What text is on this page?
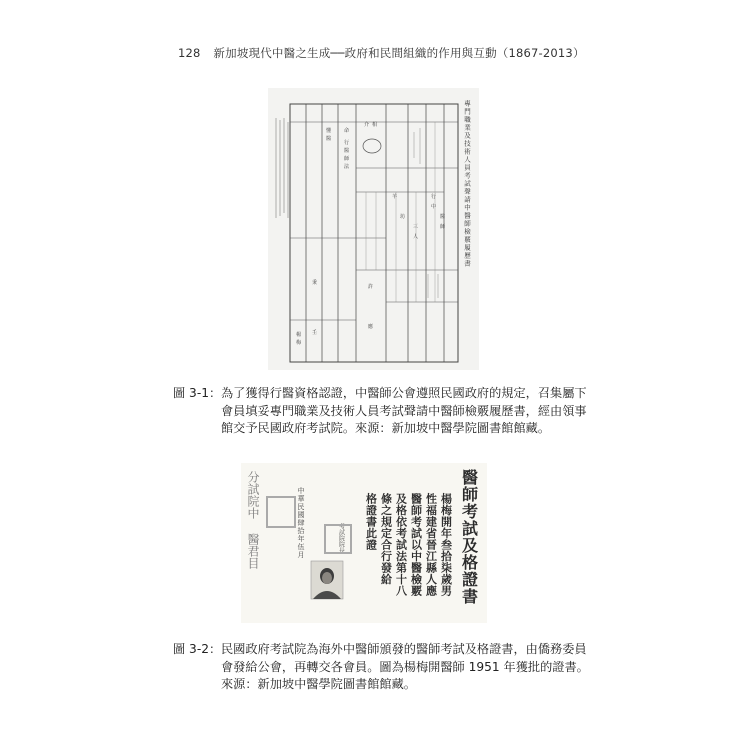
128 新加坡現代中醫之生成──政府和民間組織的作用與互動（1867-2013）
專門職業及技術人員考試聲請中醫師檢覈履歷書
懂
醫
命
行
醫
師
法
介 相
羊
坊
三
人
行
中
醫
師
許
應
秉
壬
楊
梅
圖 3-1： 為了獲得行醫資格認證，中醫師公會遵照民國政府的規定，召集屬下會員填妥專門職業及技術人員考試聲請中醫師檢覈履歷書，經由領事館交予民國政府考試院。來源：新加坡中醫學院圖書館館藏。
醫師考試及格證書
楊梅開年叁拾柒歲男
性福建省晉江縣人應
醫師考試以中醫檢覈
及格依考試法第十八
條之規定合行發給
格證書此證
中華民國肆拾年伍月	考試院院長
分試院中
醫君目
圖 3-2： 民國政府考試院為海外中醫師頒發的醫師考試及格證書，由僑務委員會發給公會，再轉交各會員。圖為楊梅開醫師 1951 年獲批的證書。來源：新加坡中醫學院圖書館館藏。
